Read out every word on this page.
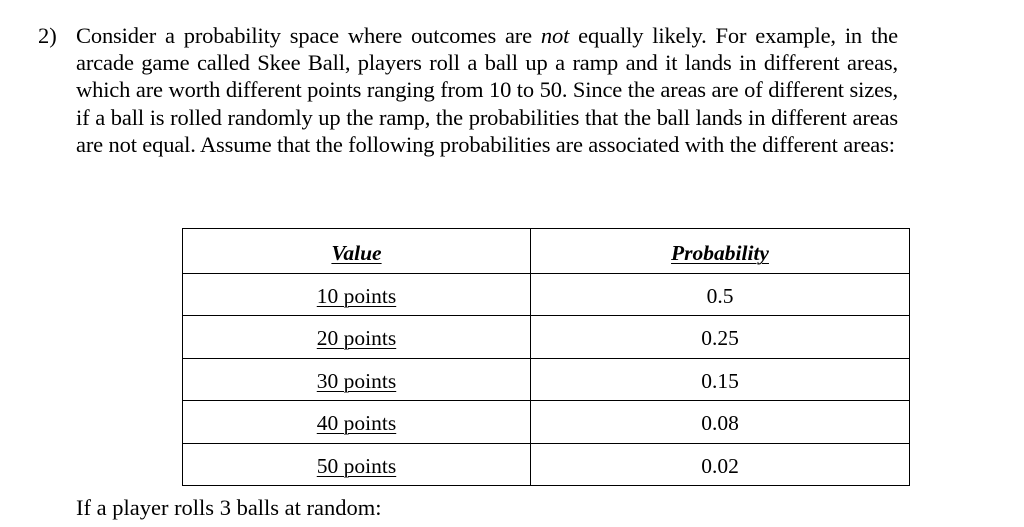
2) Consider a probability space where outcomes are not equally likely. For example, in the arcade game called Skee Ball, players roll a ball up a ramp and it lands in different areas, which are worth different points ranging from 10 to 50. Since the areas are of different sizes, if a ball is rolled randomly up the ramp, the probabilities that the ball lands in different areas are not equal. Assume that the following probabilities are associated with the different areas:
Value	Probability
10 points	0.5
20 points	0.25
30 points	0.15
40 points	0.08
50 points	0.02
If a player rolls 3 balls at random:
